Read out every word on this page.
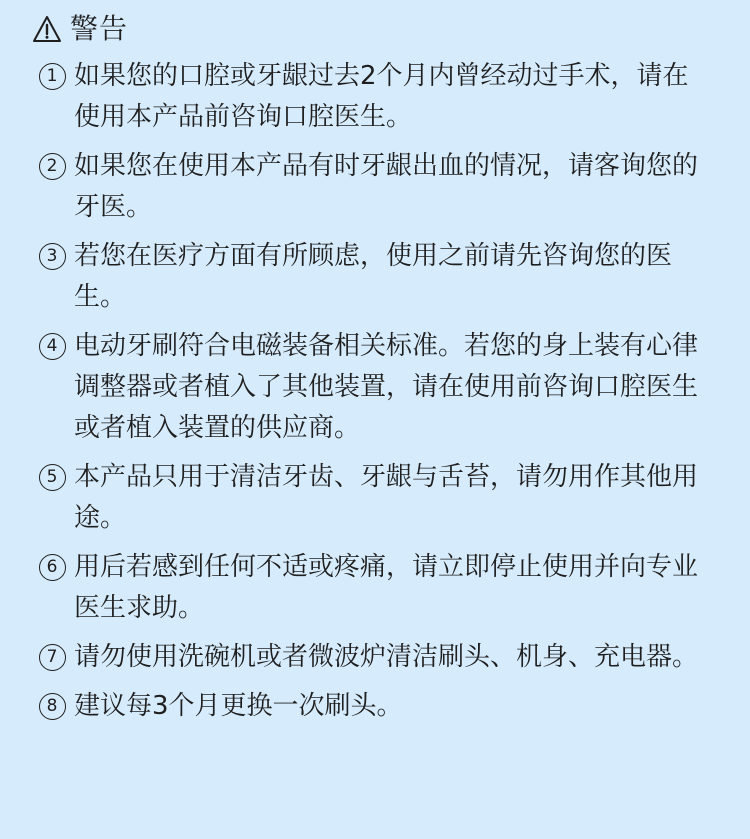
警告
1 如果您的口腔或牙龈过去2个月内曾经动过手术，请在使用本产品前咨询口腔医生。
2 如果您在使用本产品有时牙龈出血的情况，请客询您的牙医。
3 若您在医疗方面有所顾虑，使用之前请先咨询您的医生。
4 电动牙刷符合电磁装备相关标准。若您的身上装有心律调整器或者植入了其他装置，请在使用前咨询口腔医生或者植入装置的供应商。
5 本产品只用于清洁牙齿、牙龈与舌苔，请勿用作其他用途。
6 用后若感到任何不适或疼痛，请立即停止使用并向专业医生求助。
7 请勿使用洗碗机或者微波炉清洁刷头、机身、充电器。
8 建议每3个月更换一次刷头。
